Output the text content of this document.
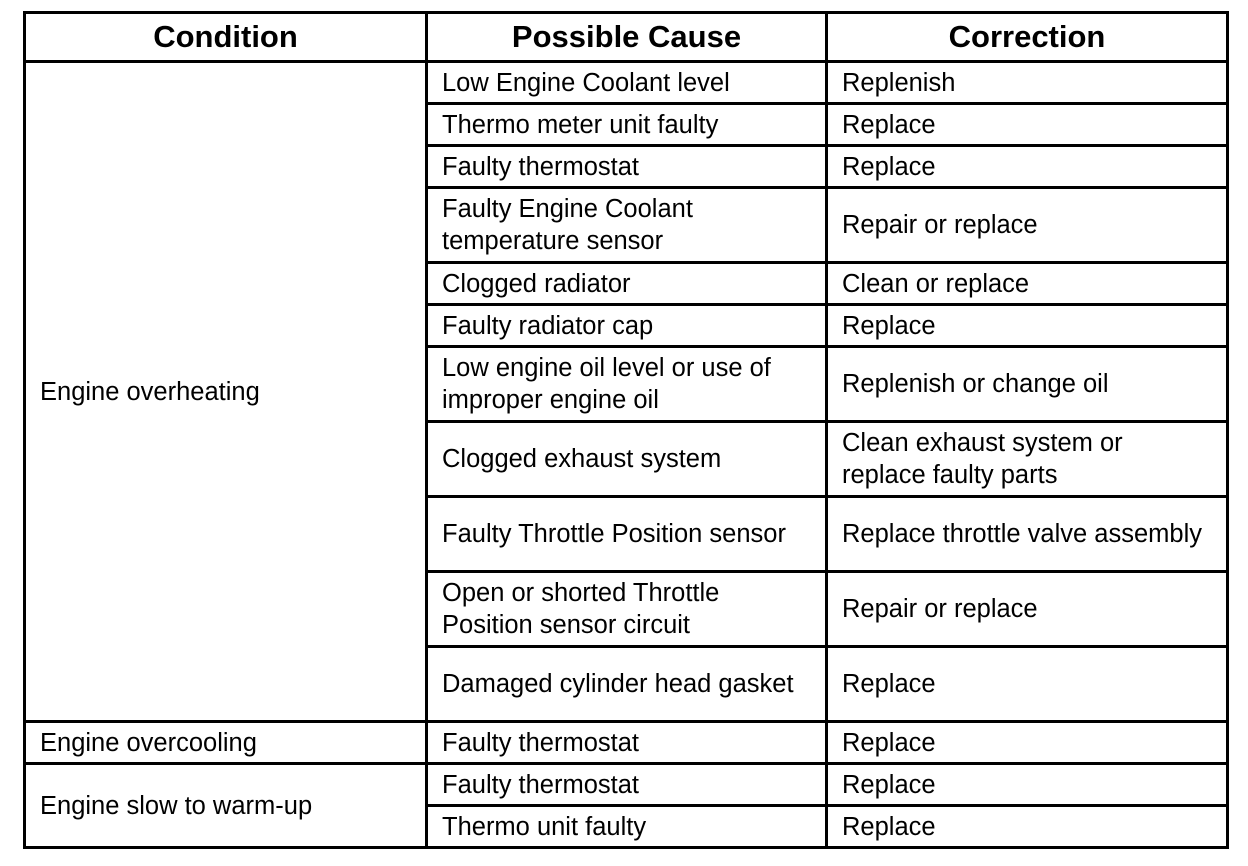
Condition	Possible Cause	Correction
Engine overheating	Low Engine Coolant level	Replenish
	Thermo meter unit faulty	Replace
	Faulty thermostat	Replace
	Faulty Engine Coolant temperature sensor	Repair or replace
	Clogged radiator	Clean or replace
	Faulty radiator cap	Replace
	Low engine oil level or use of improper engine oil	Replenish or change oil
	Clogged exhaust system	Clean exhaust system or replace faulty parts
	Faulty Throttle Position sensor	Replace throttle valve assembly
	Open or shorted Throttle Position sensor circuit	Repair or replace
	Damaged cylinder head gasket	Replace
Engine overcooling	Faulty thermostat	Replace
Engine slow to warm-up	Faulty thermostat	Replace
	Thermo unit faulty	Replace
